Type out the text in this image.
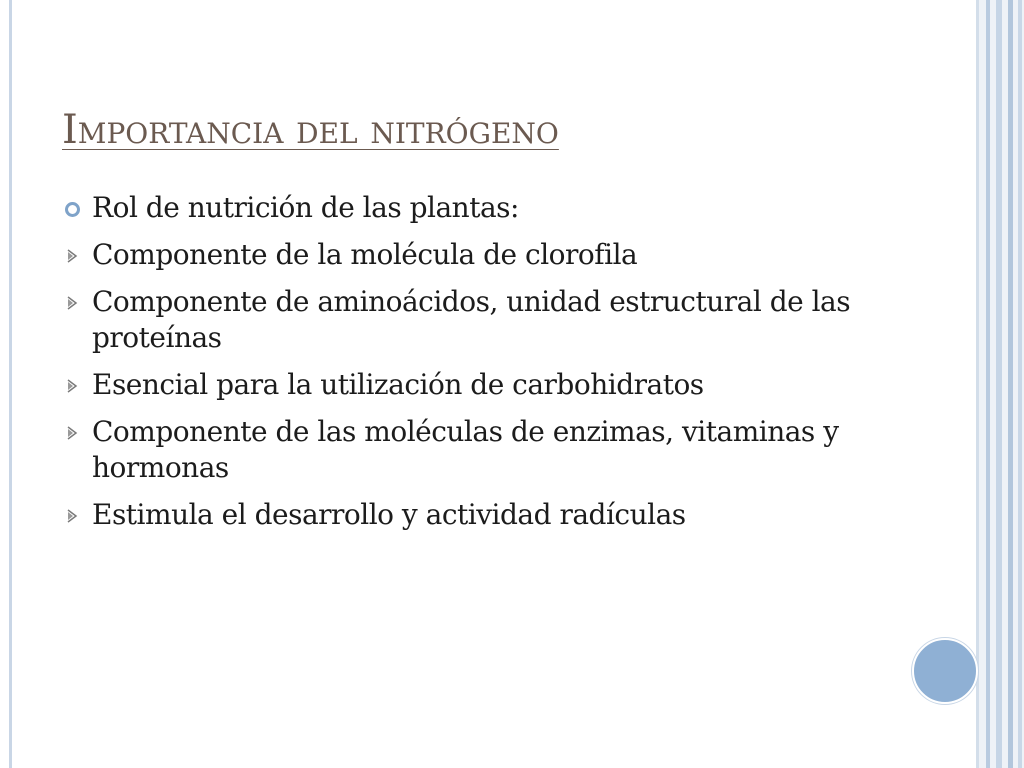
Importancia del nitrógeno
Rol de nutrición de las plantas:
Componente de la molécula de clorofila
Componente de aminoácidos, unidad estructural de las proteínas
Esencial para la utilización de carbohidratos
Componente de las moléculas de enzimas, vitaminas y hormonas
Estimula el desarrollo y actividad radículas
